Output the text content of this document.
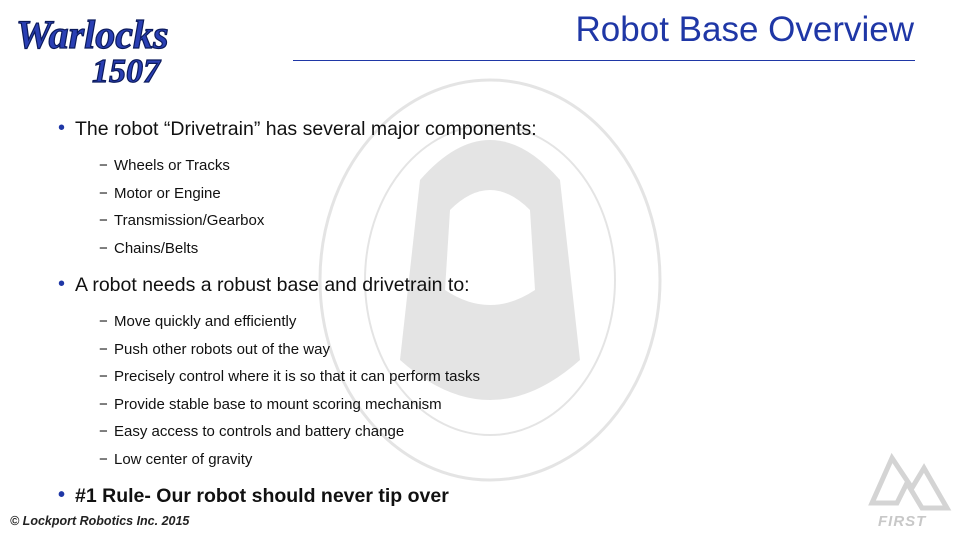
Warlocks
1507
Robot Base Overview
• The robot “Drivetrain” has several major components:
− Wheels or Tracks
− Motor or Engine
− Transmission/Gearbox
− Chains/Belts
• A robot needs a robust base and drivetrain to:
− Move quickly and efficiently
− Push other robots out of the way
− Precisely control where it is so that it can perform tasks
− Provide stable base to mount scoring mechanism
− Easy access to controls and battery change
− Low center of gravity
• #1 Rule- Our robot should never tip over
© Lockport Robotics Inc. 2015	FIRST
